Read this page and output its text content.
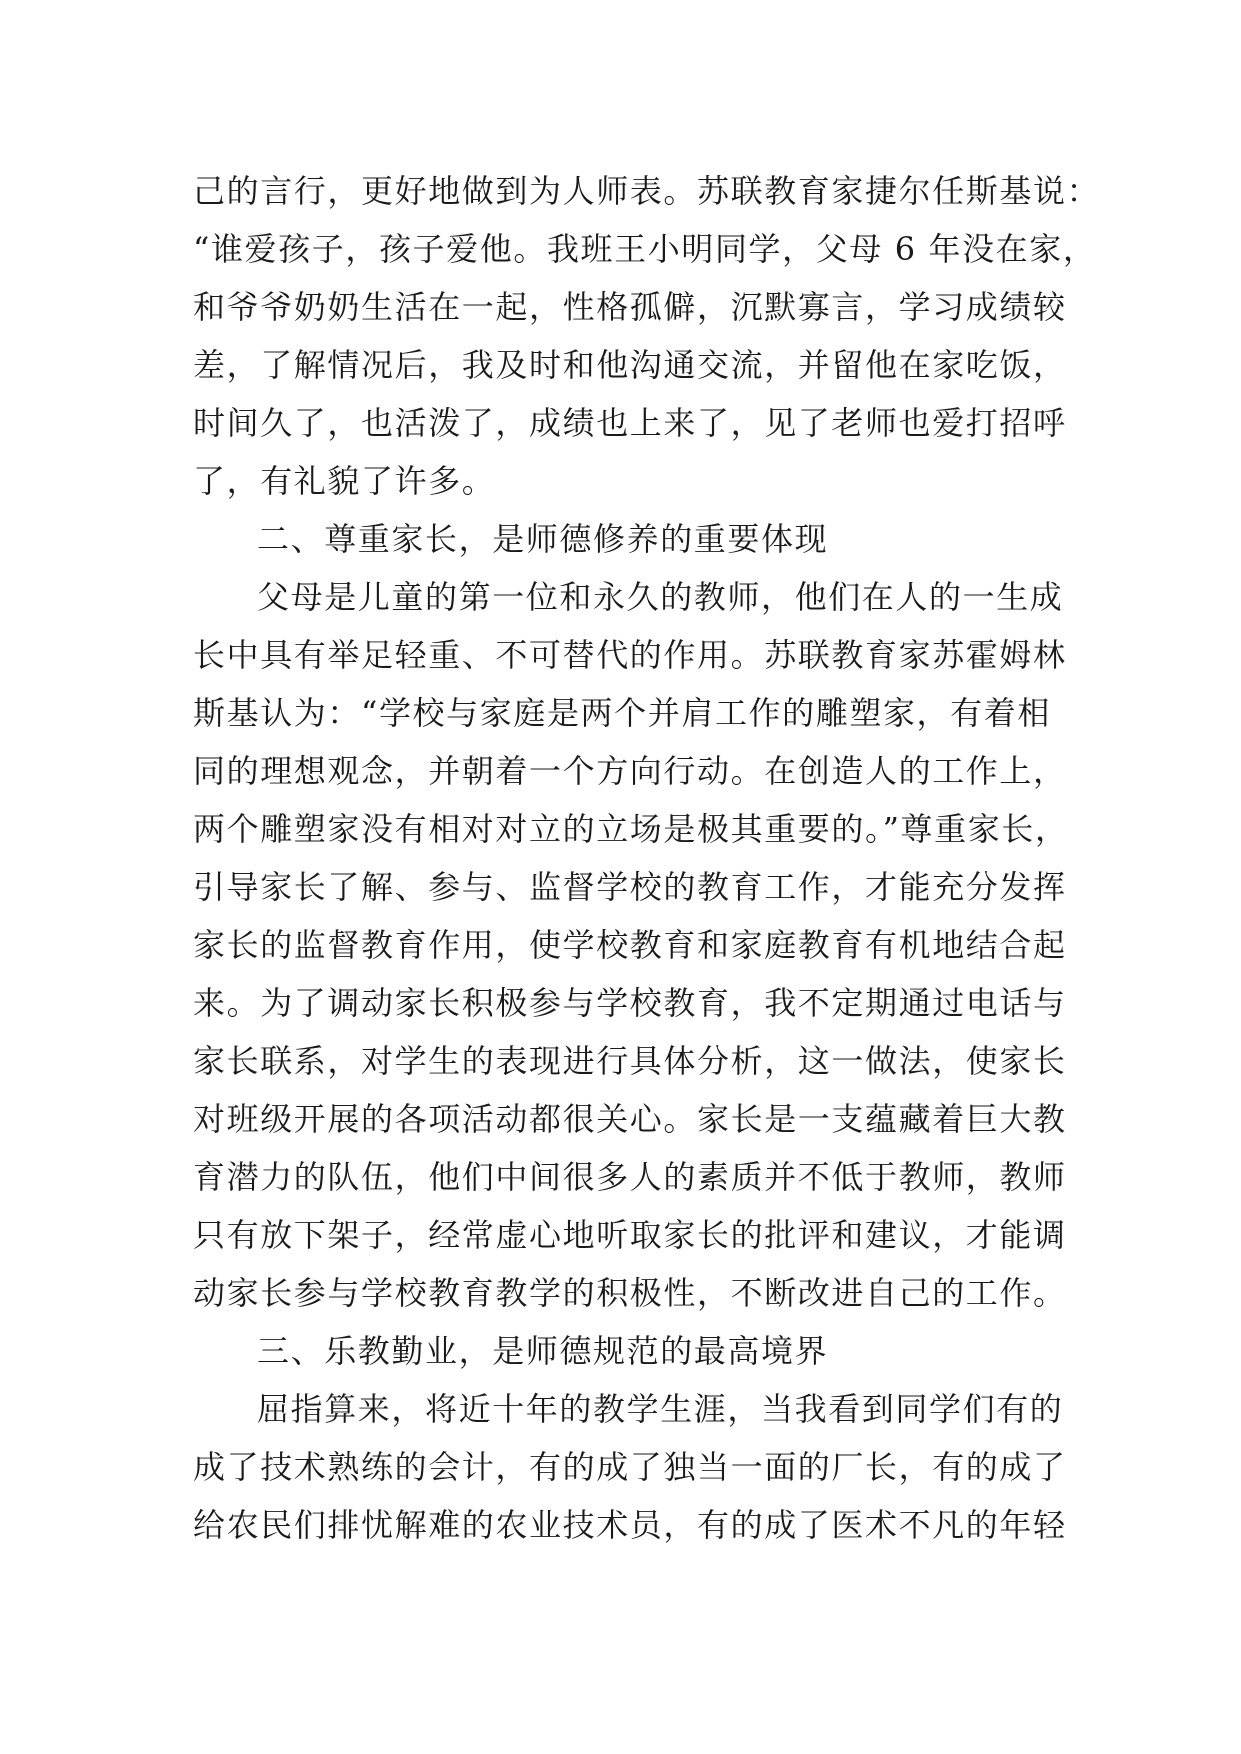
己的言行，更好地做到为人师表。苏联教育家捷尔任斯基说：
“谁爱孩子，孩子爱他。我班王小明同学，父母 6 年没在家，
和爷爷奶奶生活在一起，性格孤僻，沉默寡言，学习成绩较
差，了解情况后，我及时和他沟通交流，并留他在家吃饭，
时间久了，也活泼了，成绩也上来了，见了老师也爱打招呼
了，有礼貌了许多。
二、尊重家长，是师德修养的重要体现
父母是儿童的第一位和永久的教师，他们在人的一生成
长中具有举足轻重、不可替代的作用。苏联教育家苏霍姆林
斯基认为：“学校与家庭是两个并肩工作的雕塑家，有着相
同的理想观念，并朝着一个方向行动。在创造人的工作上，
两个雕塑家没有相对对立的立场是极其重要的。”尊重家长，
引导家长了解、参与、监督学校的教育工作，才能充分发挥
家长的监督教育作用，使学校教育和家庭教育有机地结合起
来。为了调动家长积极参与学校教育，我不定期通过电话与
家长联系，对学生的表现进行具体分析，这一做法，使家长
对班级开展的各项活动都很关心。家长是一支蕴藏着巨大教
育潜力的队伍，他们中间很多人的素质并不低于教师，教师
只有放下架子，经常虚心地听取家长的批评和建议，才能调
动家长参与学校教育教学的积极性，不断改进自己的工作。
三、乐教勤业，是师德规范的最高境界
屈指算来，将近十年的教学生涯，当我看到同学们有的
成了技术熟练的会计，有的成了独当一面的厂长，有的成了
给农民们排忧解难的农业技术员，有的成了医术不凡的年轻
